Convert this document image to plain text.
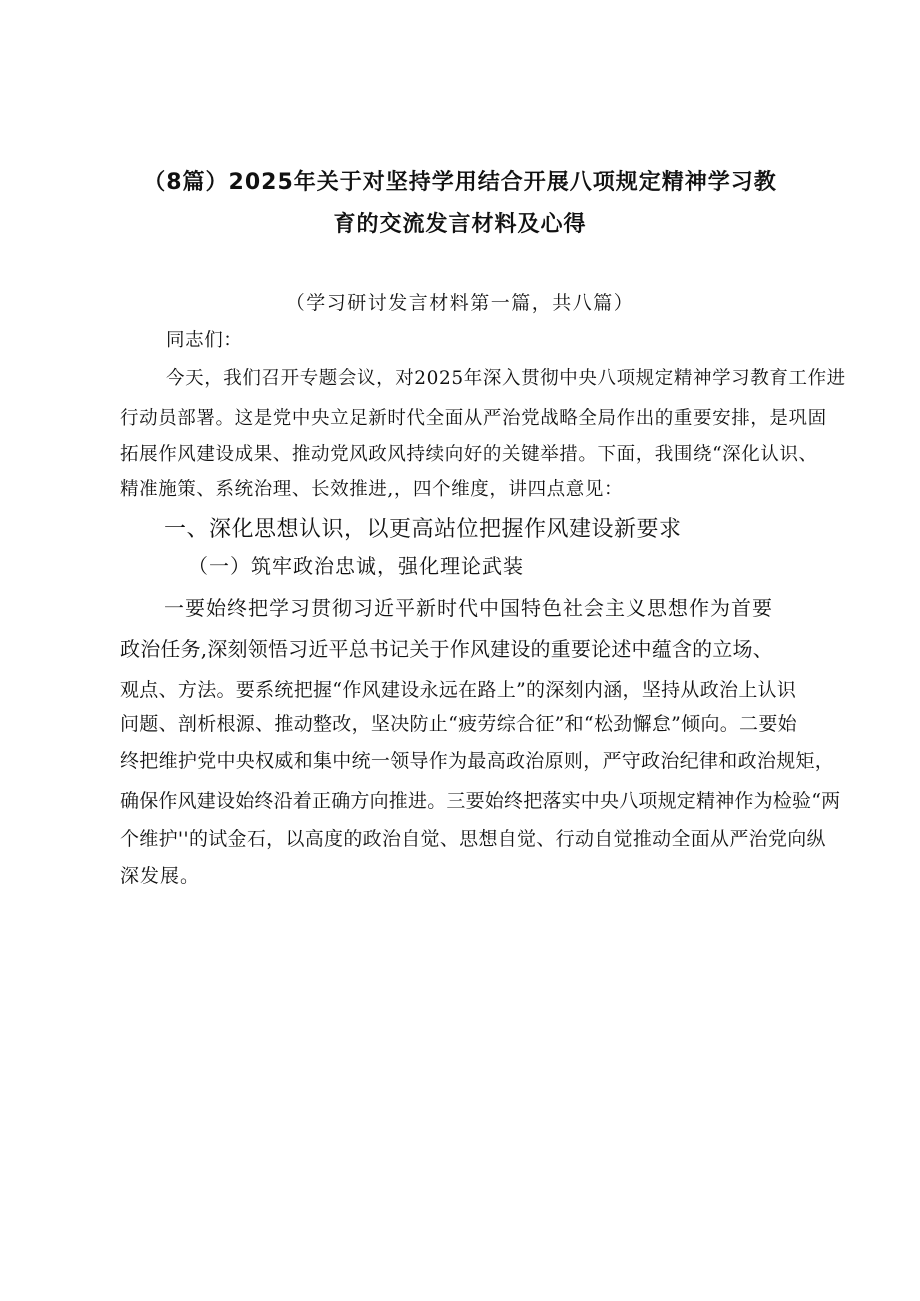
（8篇）2025年关于对坚持学用结合开展八项规定精神学习教
育的交流发言材料及心得
（学习研讨发言材料第一篇，共八篇）
同志们：
今天，我们召开专题会议，对2025年深入贯彻中央八项规定精神学习教育工作进
行动员部署。这是党中央立足新时代全面从严治党战略全局作出的重要安排，是巩固
拓展作风建设成果、推动党风政风持续向好的关键举措。下面，我围绕“深化认识、
精准施策、系统治理、长效推进,，四个维度，讲四点意见：
一、深化思想认识，以更高站位把握作风建设新要求
（一）筑牢政治忠诚，强化理论武装
一要始终把学习贯彻习近平新时代中国特色社会主义思想作为首要
政治任务,深刻领悟习近平总书记关于作风建设的重要论述中蕴含的立场、
观点、方法。要系统把握“作风建设永远在路上”的深刻内涵，坚持从政治上认识
问题、剖析根源、推动整改，坚决防止“疲劳综合征”和“松劲懈怠”倾向。二要始
终把维护党中央权威和集中统一领导作为最高政治原则，严守政治纪律和政治规矩，
确保作风建设始终沿着正确方向推进。三要始终把落实中央八项规定精神作为检验“两
个维护''的试金石，以高度的政治自觉、思想自觉、行动自觉推动全面从严治党向纵
深发展。
